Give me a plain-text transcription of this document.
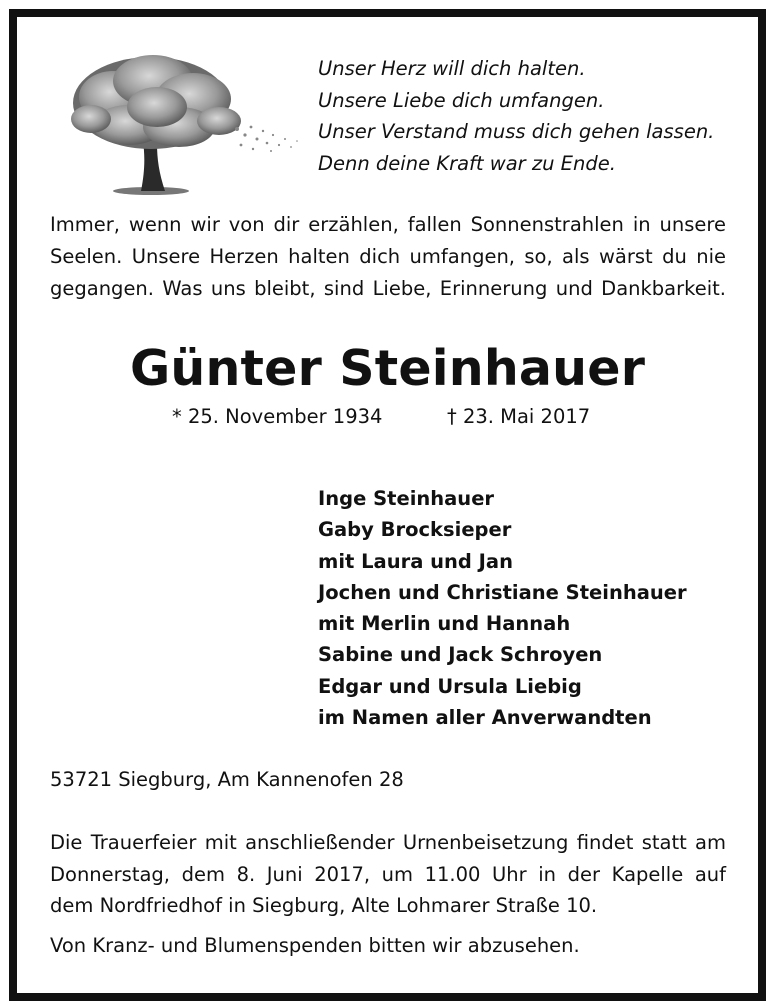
Unser Herz will dich halten.
Unsere Liebe dich umfangen.
Unser Verstand muss dich gehen lassen.
Denn deine Kraft war zu Ende.
Immer, wenn wir von dir erzählen, fallen Sonnenstrahlen in unsere
Seelen. Unsere Herzen halten dich umfangen, so, als wärst du nie
gegangen. Was uns bleibt, sind Liebe, Erinnerung und Dankbarkeit.
Günter Steinhauer
* 25. November 1934	† 23. Mai 2017
Inge Steinhauer
Gaby Brocksieper
mit Laura und Jan
Jochen und Christiane Steinhauer
mit Merlin und Hannah
Sabine und Jack Schroyen
Edgar und Ursula Liebig
im Namen aller Anverwandten
53721 Siegburg, Am Kannenofen 28
Die Trauerfeier mit anschließender Urnenbeisetzung findet statt am
Donnerstag, dem 8. Juni 2017, um 11.00 Uhr in der Kapelle auf
dem Nordfriedhof in Siegburg, Alte Lohmarer Straße 10.
Von Kranz- und Blumenspenden bitten wir abzusehen.
